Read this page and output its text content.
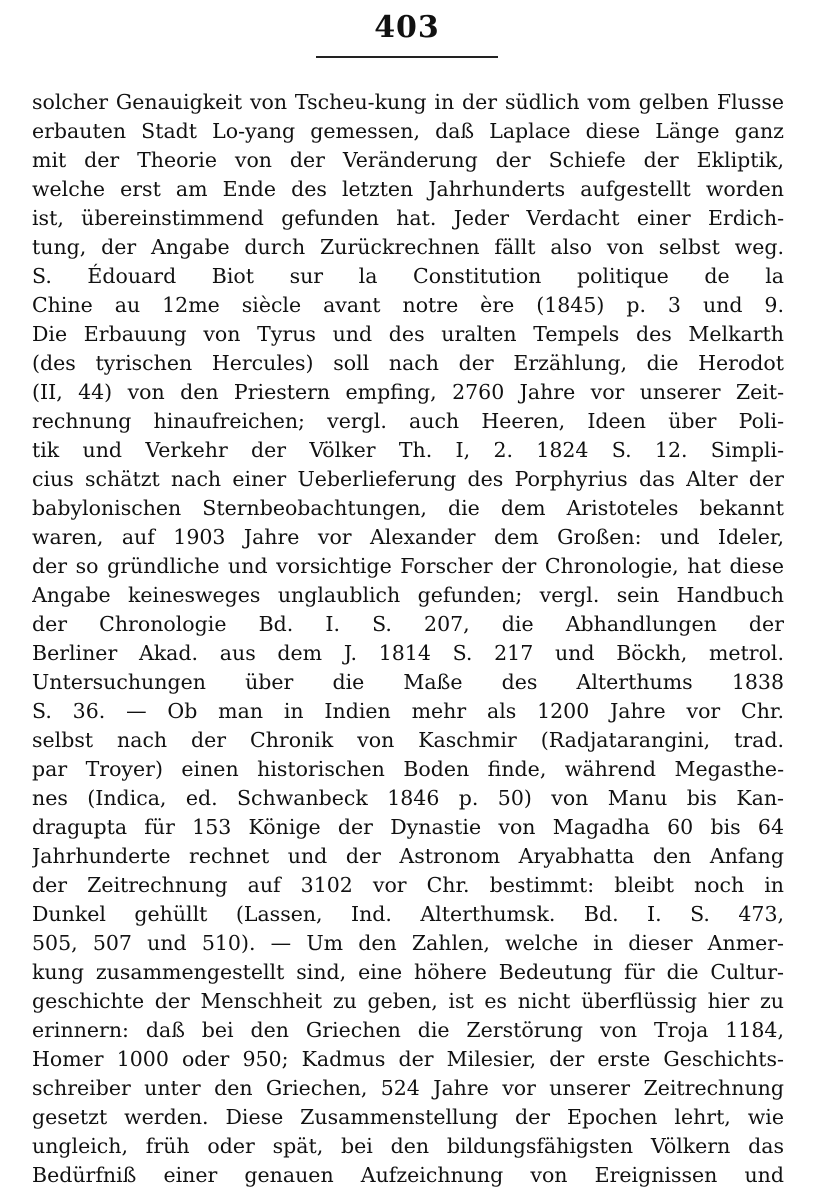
403
solcher Genauigkeit von Tscheu-kung in der südlich vom gelben Flusse
erbauten Stadt Lo-yang gemessen, daß Laplace diese Länge ganz
mit der Theorie von der Veränderung der Schiefe der Ekliptik,
welche erst am Ende des letzten Jahrhunderts aufgestellt worden
ist, übereinstimmend gefunden hat. Jeder Verdacht einer Erdich-
tung, der Angabe durch Zurückrechnen fällt also von selbst weg.
S. Édouard Biot sur la Constitution politique de la
Chine au 12me siècle avant notre ère (1845) p. 3 und 9.
Die Erbauung von Tyrus und des uralten Tempels des Melkarth
(des tyrischen Hercules) soll nach der Erzählung, die Herodot
(II, 44) von den Priestern empfing, 2760 Jahre vor unserer Zeit-
rechnung hinaufreichen; vergl. auch Heeren, Ideen über Poli-
tik und Verkehr der Völker Th. I, 2. 1824 S. 12. Simpli-
cius schätzt nach einer Ueberlieferung des Porphyrius das Alter der
babylonischen Sternbeobachtungen, die dem Aristoteles bekannt
waren, auf 1903 Jahre vor Alexander dem Großen: und Ideler,
der so gründliche und vorsichtige Forscher der Chronologie, hat diese
Angabe keinesweges unglaublich gefunden; vergl. sein Handbuch
der Chronologie Bd. I. S. 207, die Abhandlungen der
Berliner Akad. aus dem J. 1814 S. 217 und Böckh, metrol.
Untersuchungen über die Maße des Alterthums 1838
S. 36. — Ob man in Indien mehr als 1200 Jahre vor Chr.
selbst nach der Chronik von Kaschmir (Radjatarangini, trad.
par Troyer) einen historischen Boden finde, während Megasthe-
nes (Indica, ed. Schwanbeck 1846 p. 50) von Manu bis Kan-
dragupta für 153 Könige der Dynastie von Magadha 60 bis 64
Jahrhunderte rechnet und der Astronom Aryabhatta den Anfang
der Zeitrechnung auf 3102 vor Chr. bestimmt: bleibt noch in
Dunkel gehüllt (Lassen, Ind. Alterthumsk. Bd. I. S. 473,
505, 507 und 510). — Um den Zahlen, welche in dieser Anmer-
kung zusammengestellt sind, eine höhere Bedeutung für die Cultur-
geschichte der Menschheit zu geben, ist es nicht überflüssig hier zu
erinnern: daß bei den Griechen die Zerstörung von Troja 1184,
Homer 1000 oder 950; Kadmus der Milesier, der erste Geschichts-
schreiber unter den Griechen, 524 Jahre vor unserer Zeitrechnung
gesetzt werden. Diese Zusammenstellung der Epochen lehrt, wie
ungleich, früh oder spät, bei den bildungsfähigsten Völkern das
Bedürfniß einer genauen Aufzeichnung von Ereignissen und
